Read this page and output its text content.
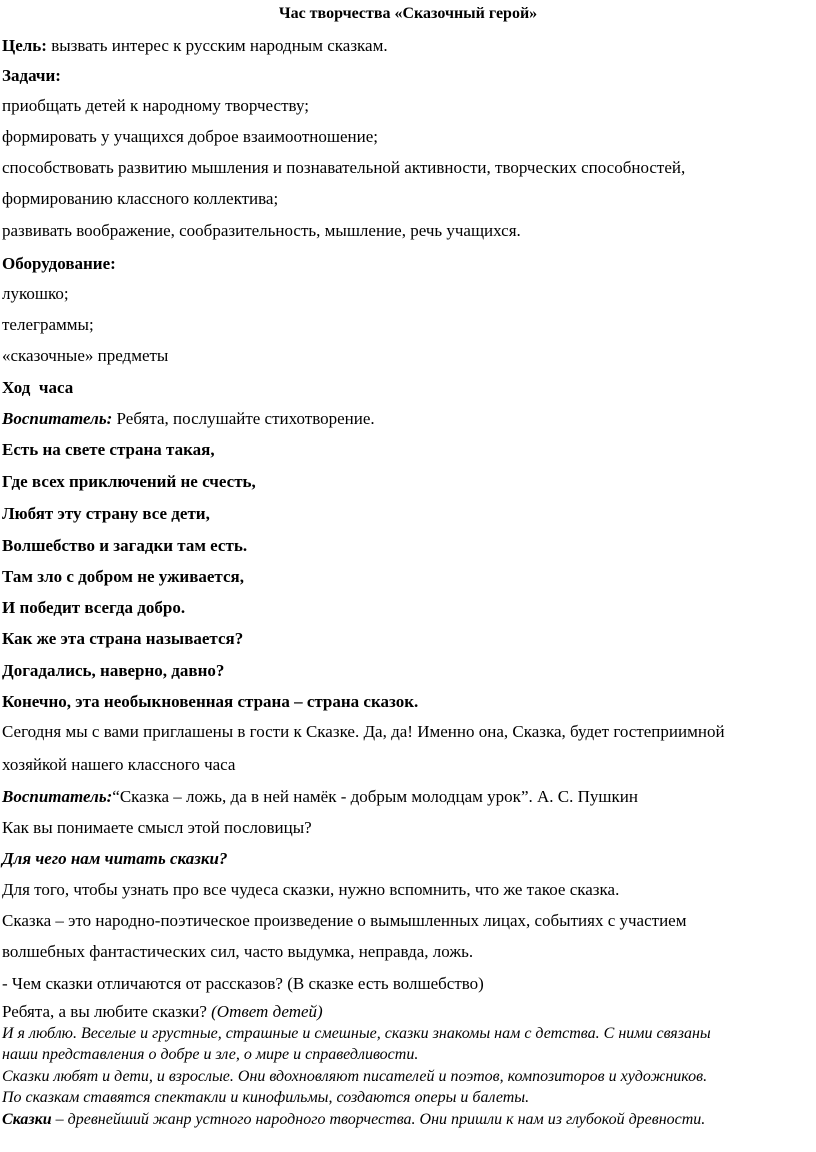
Час творчества «Сказочный герой»
Цель: вызвать интерес к русским народным сказкам.
Задачи:
приобщать детей к народному творчеству;
формировать у учащихся доброе взаимоотношение;
способствовать развитию мышления и познавательной активности, творческих способностей,
формированию классного коллектива;
развивать воображение, сообразительность, мышление, речь учащихся.
Оборудование:
лукошко;
телеграммы;
«сказочные» предметы
Ход  часа
Воспитатель: Ребята, послушайте стихотворение.
Есть на свете страна такая,
Где всех приключений не счесть,
Любят эту страну все дети,
Волшебство и загадки там есть.
Там зло с добром не уживается,
И победит всегда добро.
Как же эта страна называется?
Догадались, наверно, давно?
Конечно, эта необыкновенная страна – страна сказок.
Сегодня мы с вами приглашены в гости к Сказке. Да, да! Именно она, Сказка, будет гостеприимной
хозяйкой нашего классного часа
Воспитатель:“Сказка – ложь, да в ней намёк - добрым молодцам урок”. А. С. Пушкин
Как вы понимаете смысл этой пословицы?
Для чего нам читать сказки?
Для того, чтобы узнать про все чудеса сказки, нужно вспомнить, что же такое сказка.
Сказка – это народно-поэтическое произведение о вымышленных лицах, событиях с участием
волшебных фантастических сил, часто выдумка, неправда, ложь.
- Чем сказки отличаются от рассказов? (В сказке есть волшебство)
Ребята, а вы любите сказки? (Ответ детей)
И я люблю. Веселые и грустные, страшные и смешные, сказки знакомы нам с детства. С ними связаны
наши представления о добре и зле, о мире и справедливости.
Сказки любят и дети, и взрослые. Они вдохновляют писателей и поэтов, композиторов и художников.
По сказкам ставятся спектакли и кинофильмы, создаются оперы и балеты.
Сказки – древнейший жанр устного народного творчества. Они пришли к нам из глубокой древности.
